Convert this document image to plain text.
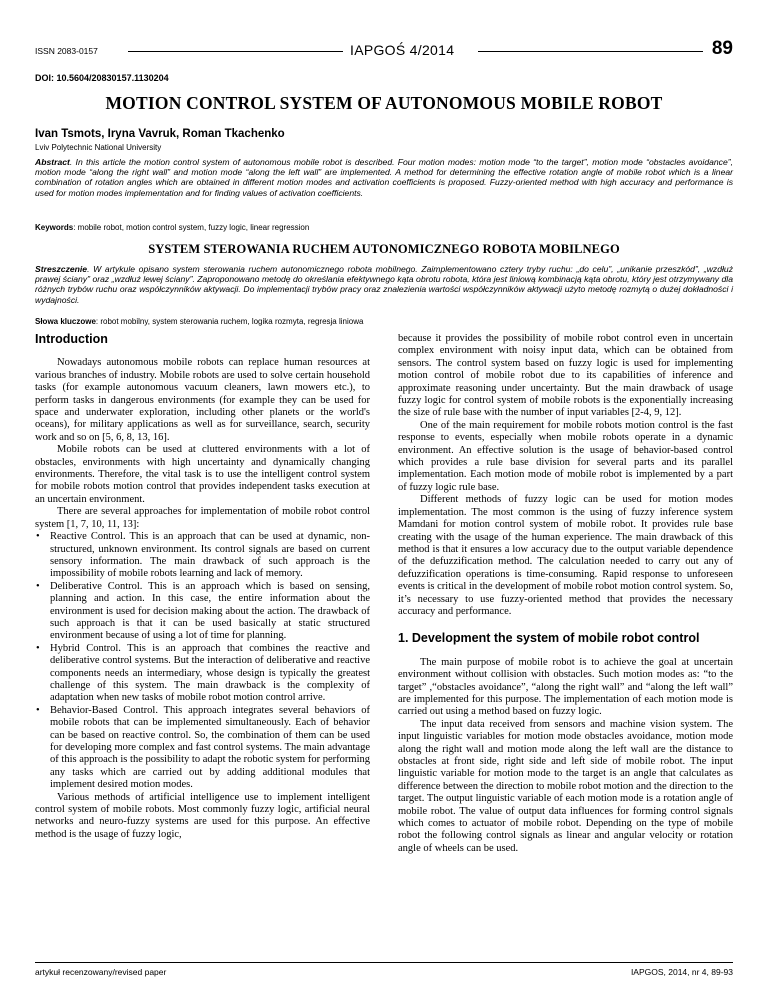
ISSN 2083-0157	IAPGOŚ 4/2014	89
DOI: 10.5604/20830157.1130204
MOTION CONTROL SYSTEM OF AUTONOMOUS MOBILE ROBOT
Ivan Tsmots, Iryna Vavruk, Roman Tkachenko
Lviv Polytechnic National University
Abstract. In this article the motion control system of autonomous mobile robot is described. Four motion modes: motion mode “to the target”, motion mode “obstacles avoidance”, motion mode “along the right wall” and motion mode “along the left wall” are implemented. A method for determining the effective rotation angle of mobile robot which is a linear combination of rotation angles which are obtained in different motion modes and activation coefficients is proposed. Fuzzy-oriented method with high accuracy and performance is used for motion modes implementation and for finding values of activation coefficients.
Keywords: mobile robot, motion control system, fuzzy logic, linear regression
SYSTEM STEROWANIA RUCHEM AUTONOMICZNEGO ROBOTA MOBILNEGO
Streszczenie. W artykule opisano system sterowania ruchem autonomicznego robota mobilnego. Zaimplementowano cztery tryby ruchu: „do celu”, „unikanie przeszkód”, „wzdłuż prawej ściany” oraz „wzdłuż lewej ściany”. Zaproponowano metodę do określania efektywnego kąta obrotu robota, która jest liniową kombinacją kąta obrotu, który jest otrzymywany dla różnych trybów ruchu oraz współczynników aktywacji. Do implementacji trybów pracy oraz znalezienia wartości współczynników aktywacji użyto metodę rozmytą o dużej dokładności i wydajności.
Słowa kluczowe: robot mobilny, system sterowania ruchem, logika rozmyta, regresja liniowa
Introduction

Nowadays autonomous mobile robots can replace human resources at various branches of industry. Mobile robots are used to solve certain household tasks (for example autonomous vacuum cleaners, lawn mowers etc.), to perform tasks in dangerous environments (for example they can be used for space and underwater exploration, including other planets or the world's oceans), for military applications as well as for surveillance, search, security work and so on [5, 6, 8, 13, 16].

Mobile robots can be used at cluttered environments with a lot of obstacles, environments with high uncertainty and dynamically changing environments. Therefore, the vital task is to use the intelligent control system for mobile robots motion control that provides independent tasks execution at an uncertain environment.

There are several approaches for implementation of mobile robot control system [1, 7, 10, 11, 13]:

• Reactive Control. This is an approach that can be used at dynamic, non-structured, unknown environment. Its control signals are based on current sensory information. The main drawback of such approach is the impossibility of mobile robots learning and lack of memory.
• Deliberative Control. This is an approach which is based on sensing, planning and action. In this case, the entire information about the environment is used for decision making about the action. The drawback of such approach is that it can be used basically at static structured environment because of using a lot of time for planning.
• Hybrid Control. This is an approach that combines the reactive and deliberative control systems. But the interaction of deliberative and reactive components needs an intermediary, whose design is typically the greatest challenge of this system. The main drawback is the complexity of adaptation when new tasks of mobile robot motion control arrive.
• Behavior-Based Control. This approach integrates several behaviors of mobile robots that can be implemented simultaneously. Each of behavior can be based on reactive control. So, the combination of them can be used for developing more complex and fast control systems. The main advantage of this approach is the possibility to adapt the robotic system for performing any tasks which are carried out by adding additional modules that implement desired motion modes.

Various methods of artificial intelligence use to implement intelligent control system of mobile robots. Most commonly fuzzy logic, artificial neural networks and neuro-fuzzy systems are used for this purpose. An effective method is the usage of fuzzy logic,

because it provides the possibility of mobile robot control even in uncertain complex environment with noisy input data, which can be obtained from sensors. The control system based on fuzzy logic is used for implementing motion control of mobile robot due to its capabilities of inference and approximate reasoning under uncertainty. But the main drawback of usage fuzzy logic for control system of mobile robots is the exponentially increasing the size of rule base with the number of input variables [2-4, 9, 12].

One of the main requirement for mobile robots motion control is the fast response to events, especially when mobile robots operate in a dynamic environment. An effective solution is the usage of behavior-based control which provides a rule base division for several parts and its parallel implementation. Each motion mode of mobile robot is implemented by a part of fuzzy logic rule base.

Different methods of fuzzy logic can be used for motion modes implementation. The most common is the using of fuzzy inference system Mamdani for motion control system of mobile robot. It provides rule base creating with the usage of the human experience. The main drawback of this method is that it ensures a low accuracy due to the output variable dependence of the defuzzification method. The calculation needed to carry out any of defuzzification operations is time-consuming. Rapid response to unforeseen events is critical in the development of mobile robot motion control system. So, it’s necessary to use fuzzy-oriented method that provides the necessary accuracy and performance.

1. Development the system of mobile robot control

The main purpose of mobile robot is to achieve the goal at uncertain environment without collision with obstacles. Such motion modes as: “to the target” ,“obstacles avoidance”, “along the right wall” and “along the left wall” are implemented for this purpose. The implementation of each motion mode is carried out using a method based on fuzzy logic.

The input data received from sensors and machine vision system. The input linguistic variables for motion mode obstacles avoidance, motion mode along the right wall and motion mode along the left wall are the distance to obstacles at front side, right side and left side of mobile robot. The input linguistic variable for motion mode to the target is an angle that calculates as difference between the direction to mobile robot motion and the direction to the target. The output linguistic variable of each motion mode is a rotation angle of mobile robot. The value of output data influences for forming control signals which comes to actuator of mobile robot. Depending on the type of mobile robot the following control signals as linear and angular velocity or rotation angle of wheels can be used.

artykuł recenzowany/revised paper	IAPGOS, 2014, nr 4, 89-93
